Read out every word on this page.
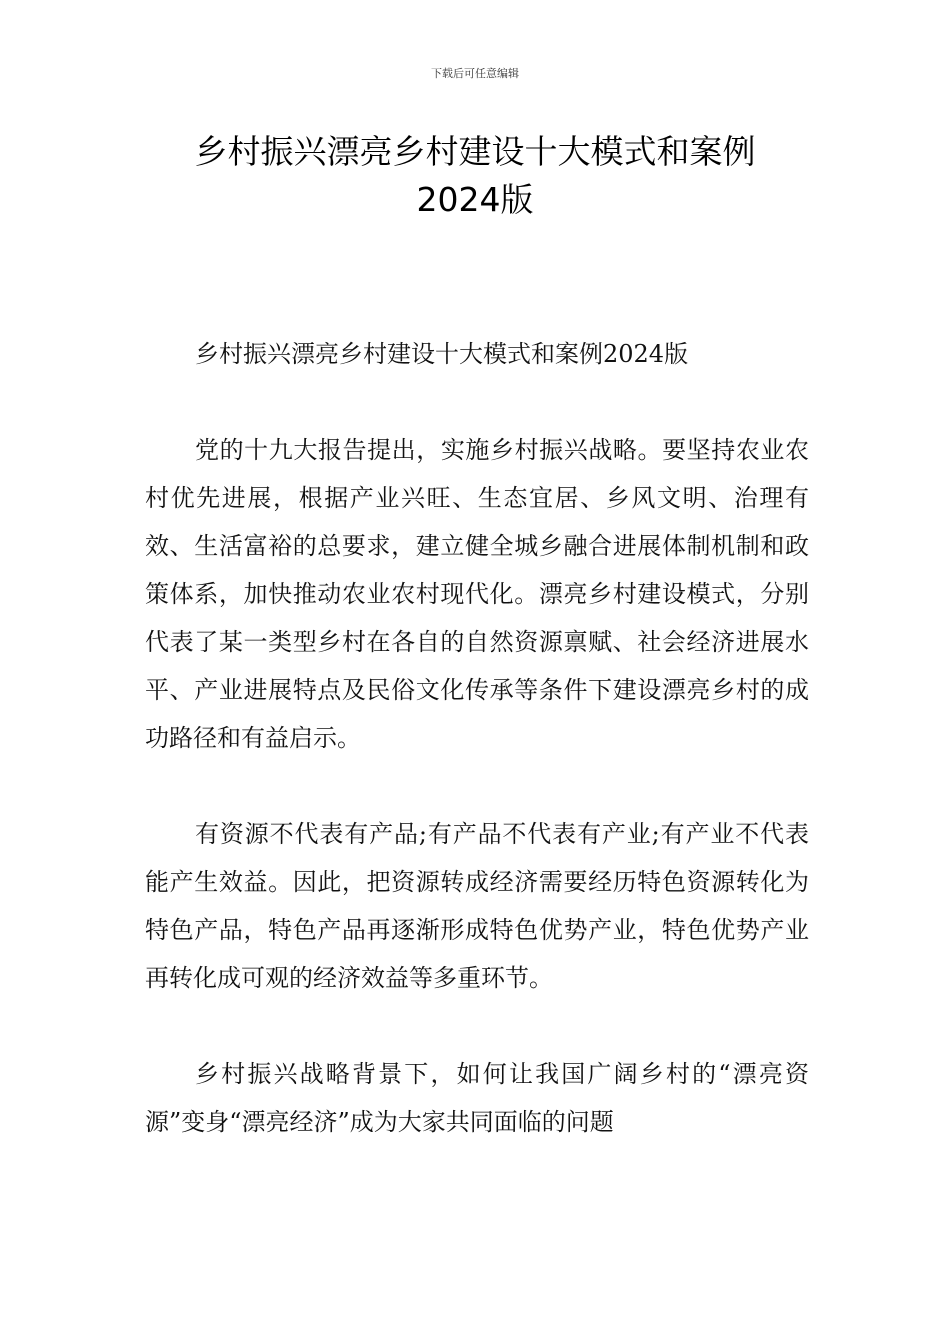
下载后可任意编辑
乡村振兴漂亮乡村建设十大模式和案例
2024版

乡村振兴漂亮乡村建设十大模式和案例2024版

党的十九大报告提出，实施乡村振兴战略。要坚持农业农村优先进展，根据产业兴旺、生态宜居、乡风文明、治理有效、生活富裕的总要求，建立健全城乡融合进展体制机制和政策体系，加快推动农业农村现代化。漂亮乡村建设模式，分别代表了某一类型乡村在各自的自然资源禀赋、社会经济进展水平、产业进展特点及民俗文化传承等条件下建设漂亮乡村的成功路径和有益启示。

有资源不代表有产品;有产品不代表有产业;有产业不代表能产生效益。因此，把资源转成经济需要经历特色资源转化为特色产品，特色产品再逐渐形成特色优势产业，特色优势产业再转化成可观的经济效益等多重环节。

乡村振兴战略背景下，如何让我国广阔乡村的“漂亮资源”变身“漂亮经济”成为大家共同面临的问题
